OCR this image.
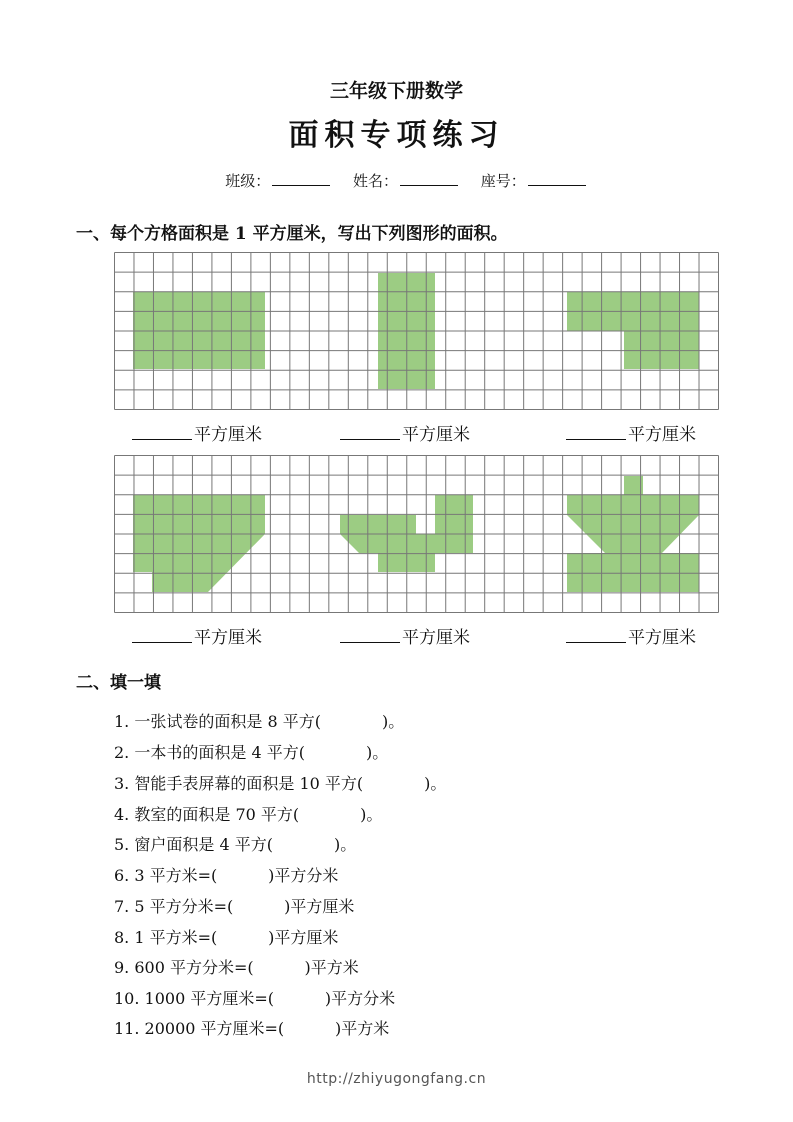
三年级下册数学
面积专项练习
班级：	姓名：	座号：
一、每个方格面积是 1 平方厘米，写出下列图形的面积。
平方厘米	平方厘米	平方厘米
平方厘米	平方厘米	平方厘米
二、填一填
1. 一张试卷的面积是 8 平方(            )。
2. 一本书的面积是 4 平方(            )。
3. 智能手表屏幕的面积是 10 平方(            )。
4. 教室的面积是 70 平方(            )。
5. 窗户面积是 4 平方(            )。
6. 3 平方米=(          )平方分米
7. 5 平方分米=(          )平方厘米
8. 1 平方米=(          )平方厘米
9. 600 平方分米=(          )平方米
10. 1000 平方厘米=(          )平方分米
11. 20000 平方厘米=(          )平方米
http://zhiyugongfang.cn
